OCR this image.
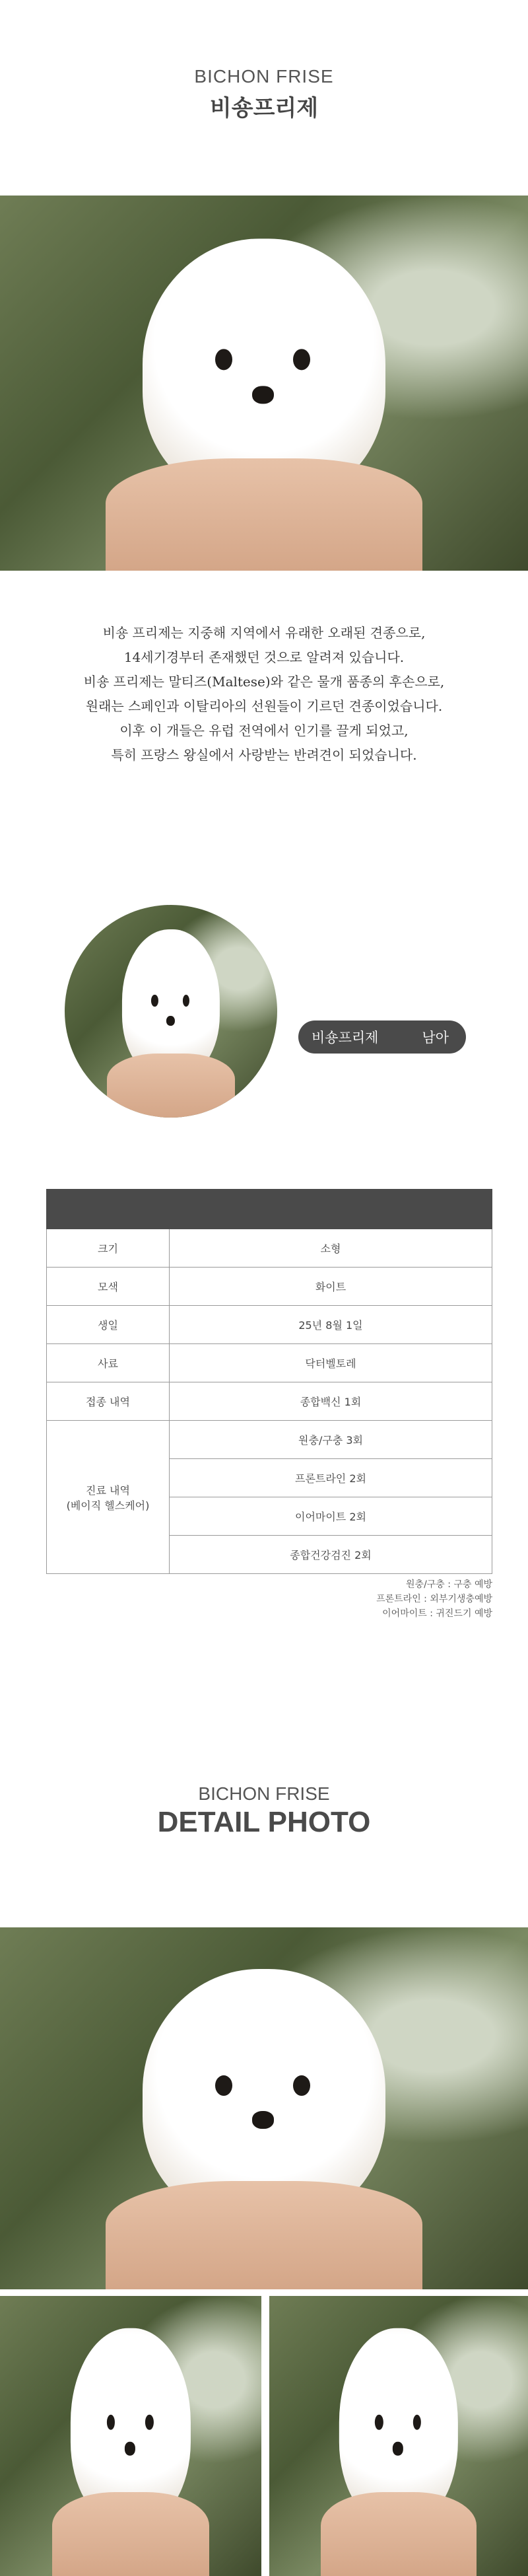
BICHON FRISE
비숑프리제
비숑 프리제는 지중해 지역에서 유래한 오래된 견종으로,
14세기경부터 존재했던 것으로 알려져 있습니다.
비숑 프리제는 말티즈(Maltese)와 같은 물개 품종의 후손으로,
원래는 스페인과 이탈리아의 선원들이 기르던 견종이었습니다.
이후 이 개들은 유럽 전역에서 인기를 끌게 되었고,
특히 프랑스 왕실에서 사랑받는 반려견이 되었습니다.
비숑프리제	남아

크기	소형
모색	화이트
생일	25년 8월 1일
사료	닥터벨토레
접종 내역	종합백신 1회

진료 내역
(베이직 헬스케어)	원충/구충 3회
	프론트라인 2회
	이어마이트 2회
	종합건강검진 2회
원충/구충 : 구충 예방
프론트라인 : 외부기생충예방
이어마이트 : 귀진드기 예방
BICHON FRISE
DETAIL PHOTO
